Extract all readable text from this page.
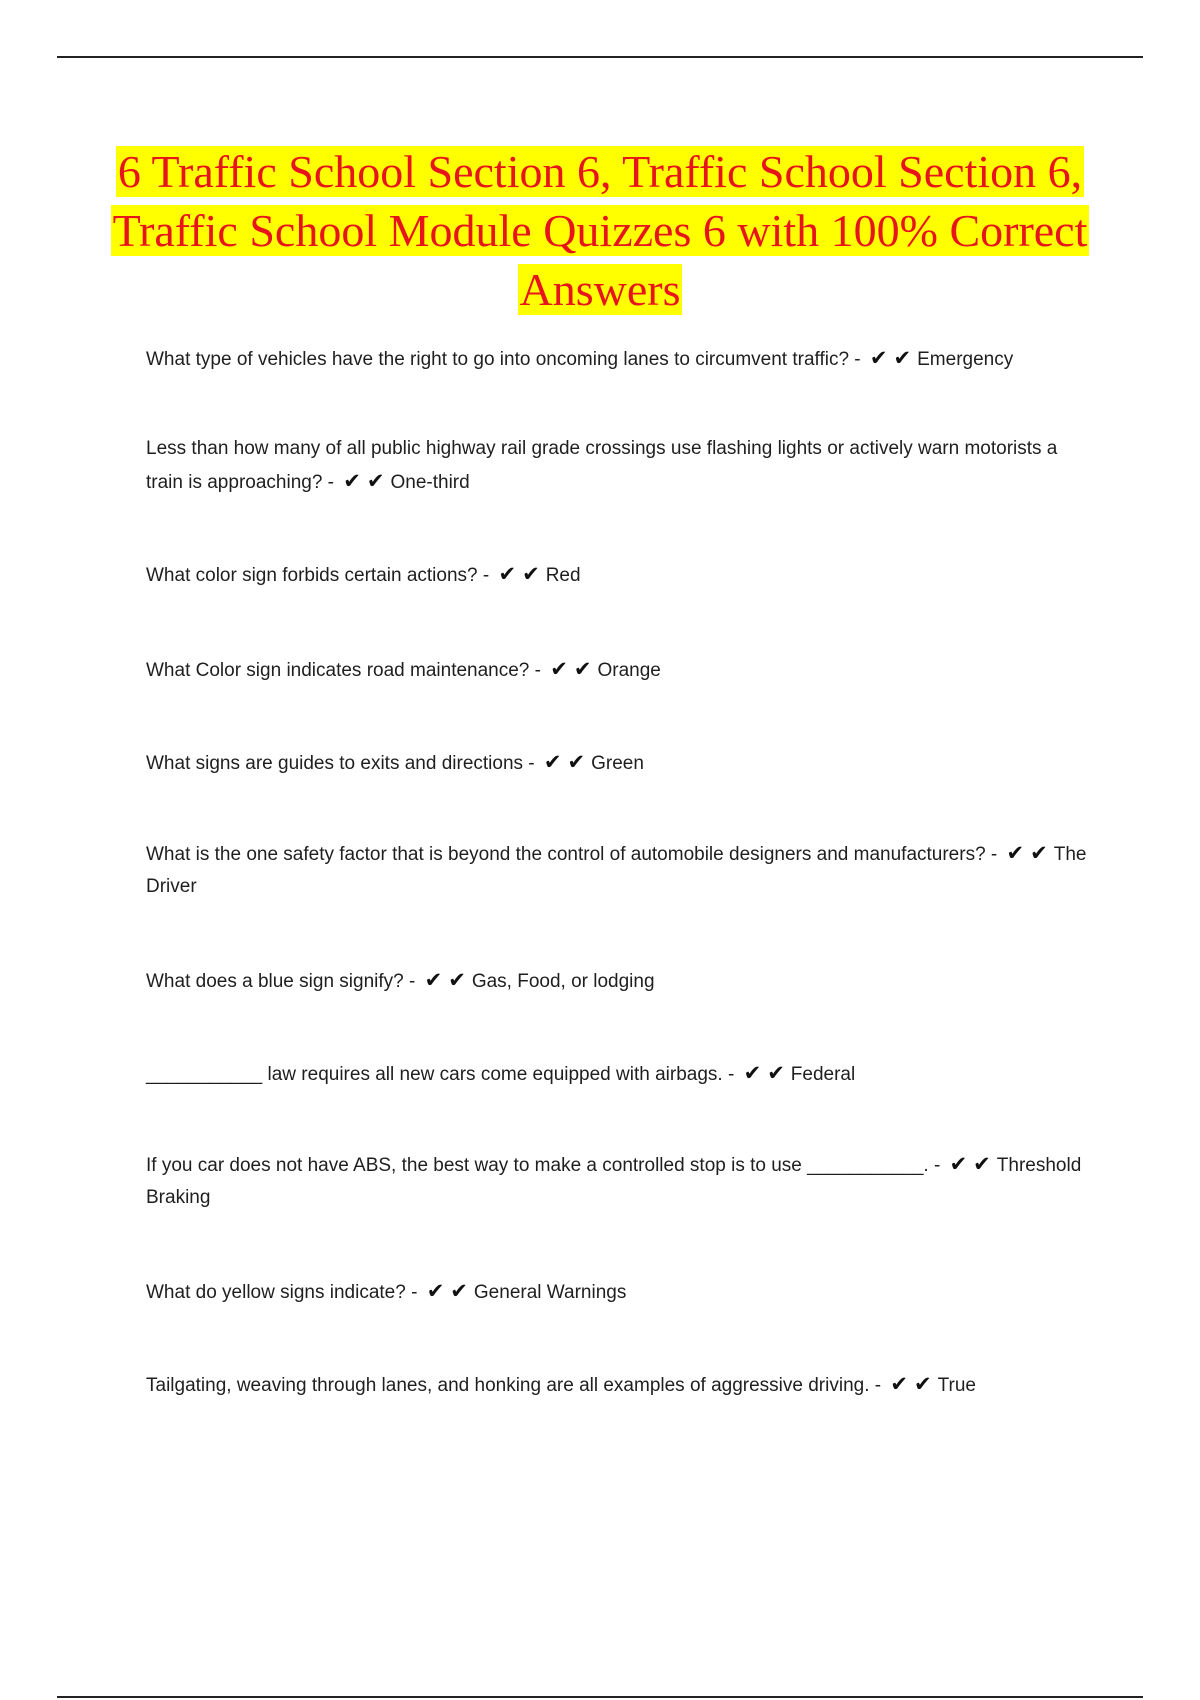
6 Traffic School Section 6, Traffic School Section 6, Traffic School Module Quizzes 6 with 100% Correct Answers
What type of vehicles have the right to go into oncoming lanes to circumvent traffic? - ✔✔Emergency
Less than how many of all public highway rail grade crossings use flashing lights or actively warn motorists a train is approaching? - ✔✔One-third
What color sign forbids certain actions? - ✔✔Red
What Color sign indicates road maintenance? - ✔✔Orange
What signs are guides to exits and directions - ✔✔Green
What is the one safety factor that is beyond the control of automobile designers and manufacturers? - ✔✔The Driver
What does a blue sign signify? - ✔✔Gas, Food, or lodging
___________ law requires all new cars come equipped with airbags. - ✔✔Federal
If you car does not have ABS, the best way to make a controlled stop is to use ___________. - ✔✔Threshold Braking
What do yellow signs indicate? - ✔✔General Warnings
Tailgating, weaving through lanes, and honking are all examples of aggressive driving. - ✔✔True
